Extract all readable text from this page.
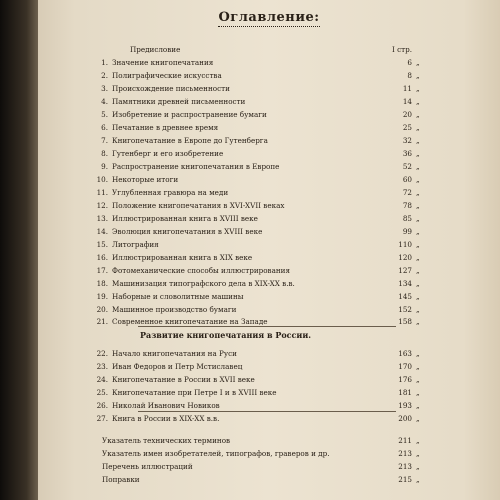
Оглавление:
Предисловие	I стр.
1. Значение книгопечатания	6 „
2. Полиграфические искусства	8 „
3. Происхождение письменности	11 „
4. Памятники древней письменности	14 „
5. Изобретение и распространение бумаги	20 „
6. Печатание в древнее время	25 „
7. Книгопечатание в Европе до Гутенберга	32 „
8. Гутенберг и его изобретение	36 „
9. Распространение книгопечатания в Европе	52 „
10. Некоторые итоги	60 „
11. Углубленная гравюра на меди	72 „
12. Положение книгопечатания в XVI-XVII веках	78 „
13. Иллюстрированная книга в XVIII веке	85 „
14. Эволюция книгопечатания в XVIII веке	99 „
15. Литография	110 „
16. Иллюстрированная книга в XIX веке	120 „
17. Фотомеханические способы иллюстрирования	127 „
18. Машинизация типографского дела в XIX-XX в.в.	134 „
19. Наборные и словолитные машины	145 „
20. Машинное производство бумаги	152 „
21. Современное книгопечатание на Западе	158 „
22. Начало книгопечатания на Руси	163 „
23. Иван Федоров и Петр Мстиславец	170 „
24. Книгопечатание в России в XVII веке	176 „
25. Книгопечатание при Петре I и в XVIII веке	181 „
26. Николай Иванович Новиков	193 „
27. Книга в России в XIX-XX в.в.	200 „
Указатель технических терминов	211 „
Указатель имен изобретателей, типографов, граверов и др.	213 „
Перечень иллюстраций	213 „
Поправки	215 „
Развитие книгопечатания в России.
